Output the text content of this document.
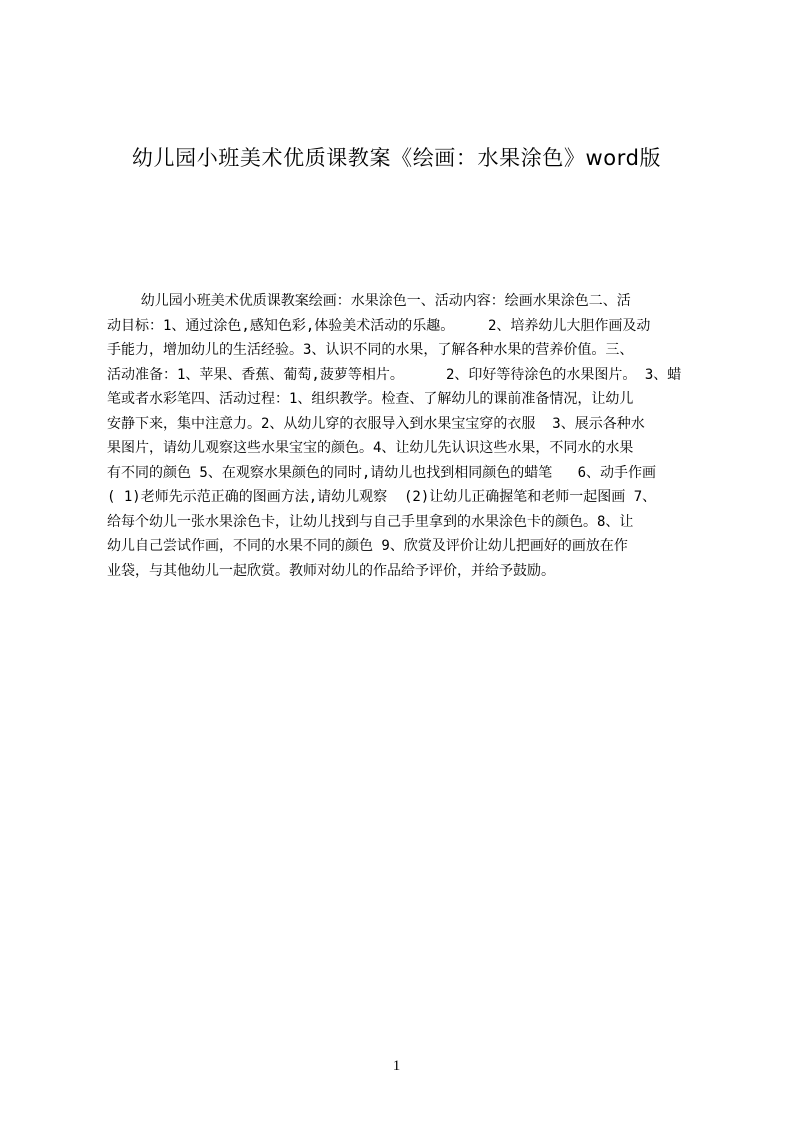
幼儿园小班美术优质课教案《绘画：水果涂色》word版
幼儿园小班美术优质课教案绘画：水果涂色一、活动内容：绘画水果涂色二、活
动目标：1、通过涂色,感知色彩,体验美术活动的乐趣。    2、培养幼儿大胆作画及动
手能力，增加幼儿的生活经验。3、认识不同的水果，了解各种水果的营养价值。三、
活动准备：1、苹果、香蕉、葡萄,菠萝等相片。     2、印好等待涂色的水果图片。 3、蜡
笔或者水彩笔四、活动过程：1、组织教学。检查、了解幼儿的课前准备情况，让幼儿
安静下来，集中注意力。2、从幼儿穿的衣服导入到水果宝宝穿的衣服  3、展示各种水
果图片，请幼儿观察这些水果宝宝的颜色。4、让幼儿先认识这些水果，不同水的水果
有不同的颜色 5、在观察水果颜色的同时,请幼儿也找到相同颜色的蜡笔   6、动手作画
( 1)老师先示范正确的图画方法,请幼儿观察  (2)让幼儿正确握笔和老师一起图画 7、
给每个幼儿一张水果涂色卡，让幼儿找到与自己手里拿到的水果涂色卡的颜色。8、让
幼儿自己尝试作画，不同的水果不同的颜色 9、欣赏及评价让幼儿把画好的画放在作
业袋，与其他幼儿一起欣赏。教师对幼儿的作品给予评价，并给予鼓励。
1
